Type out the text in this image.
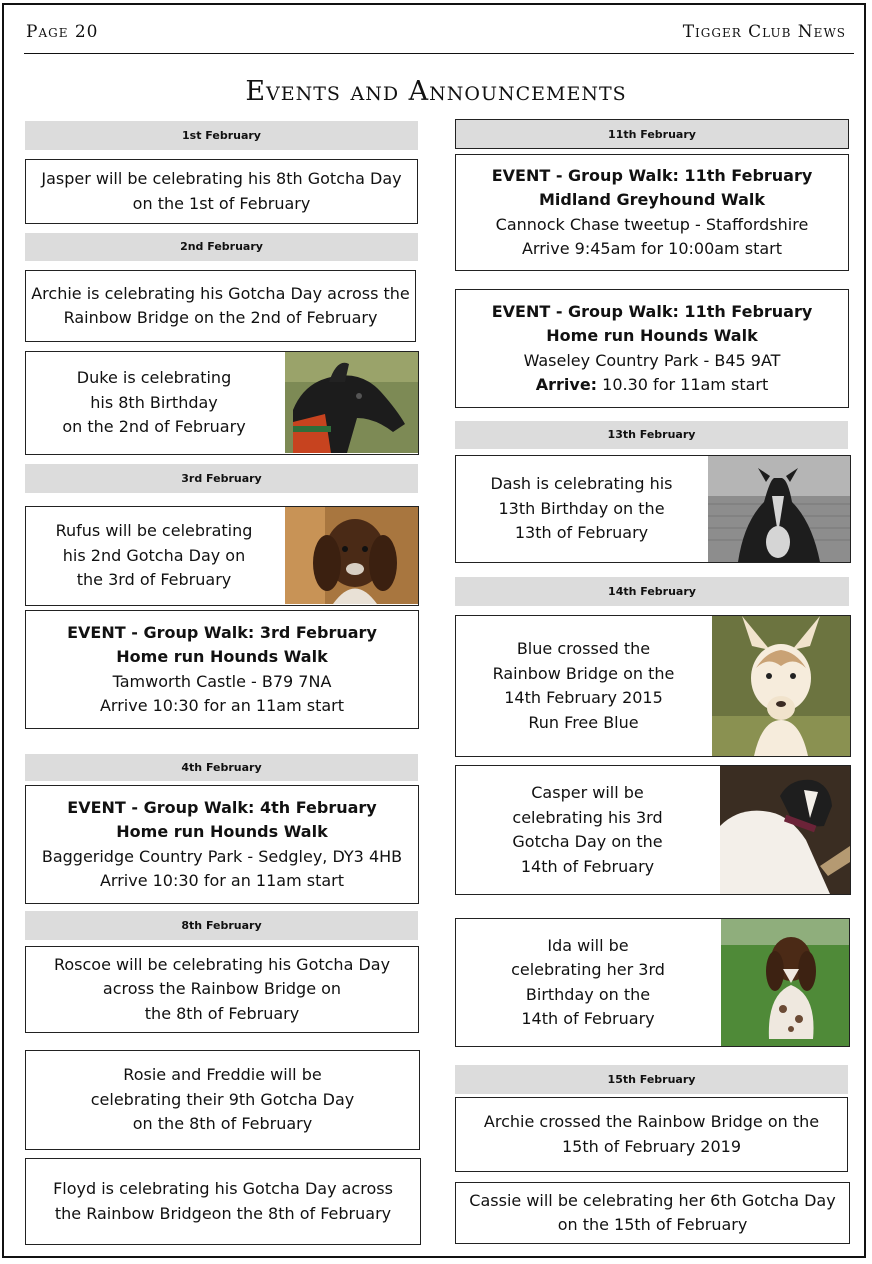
Page 20	Tigger Club News
Events and Announcements
1st February
Jasper will be celebrating his 8th Gotcha Day
on the 1st of February
2nd February
Archie is celebrating his Gotcha Day across the
Rainbow Bridge on the 2nd of February
Duke is celebrating
his 8th Birthday
on the 2nd of February
3rd February
Rufus will be celebrating
his 2nd Gotcha Day on
the 3rd of February
EVENT - Group Walk: 3rd February
Home run Hounds Walk
Tamworth Castle - B79 7NA
Arrive 10:30 for an 11am start
4th February
EVENT - Group Walk: 4th February
Home run Hounds Walk
Baggeridge Country Park - Sedgley, DY3 4HB
Arrive 10:30 for an 11am start
8th February
Roscoe will be celebrating his Gotcha Day
across the Rainbow Bridge on
the 8th of February
Rosie and Freddie will be
celebrating their 9th Gotcha Day
on the 8th of February
Floyd is celebrating his Gotcha Day across
the Rainbow Bridgeon the 8th of February
11th February
EVENT - Group Walk: 11th February
Midland Greyhound Walk
Cannock Chase tweetup - Staffordshire
Arrive 9:45am for 10:00am start
EVENT - Group Walk: 11th February
Home run Hounds Walk
Waseley Country Park - B45 9AT
Arrive: 10.30 for 11am start
13th February
Dash is celebrating his
13th Birthday on the
13th of February
14th February
Blue crossed the
Rainbow Bridge on the
14th February 2015
Run Free Blue
Casper will be
celebrating his 3rd
Gotcha Day on the
14th of February
Ida will be
celebrating her 3rd
Birthday on the
14th of February
15th February
Archie crossed the Rainbow Bridge on the
15th of February 2019
Cassie will be celebrating her 6th Gotcha Day
on the 15th of February
